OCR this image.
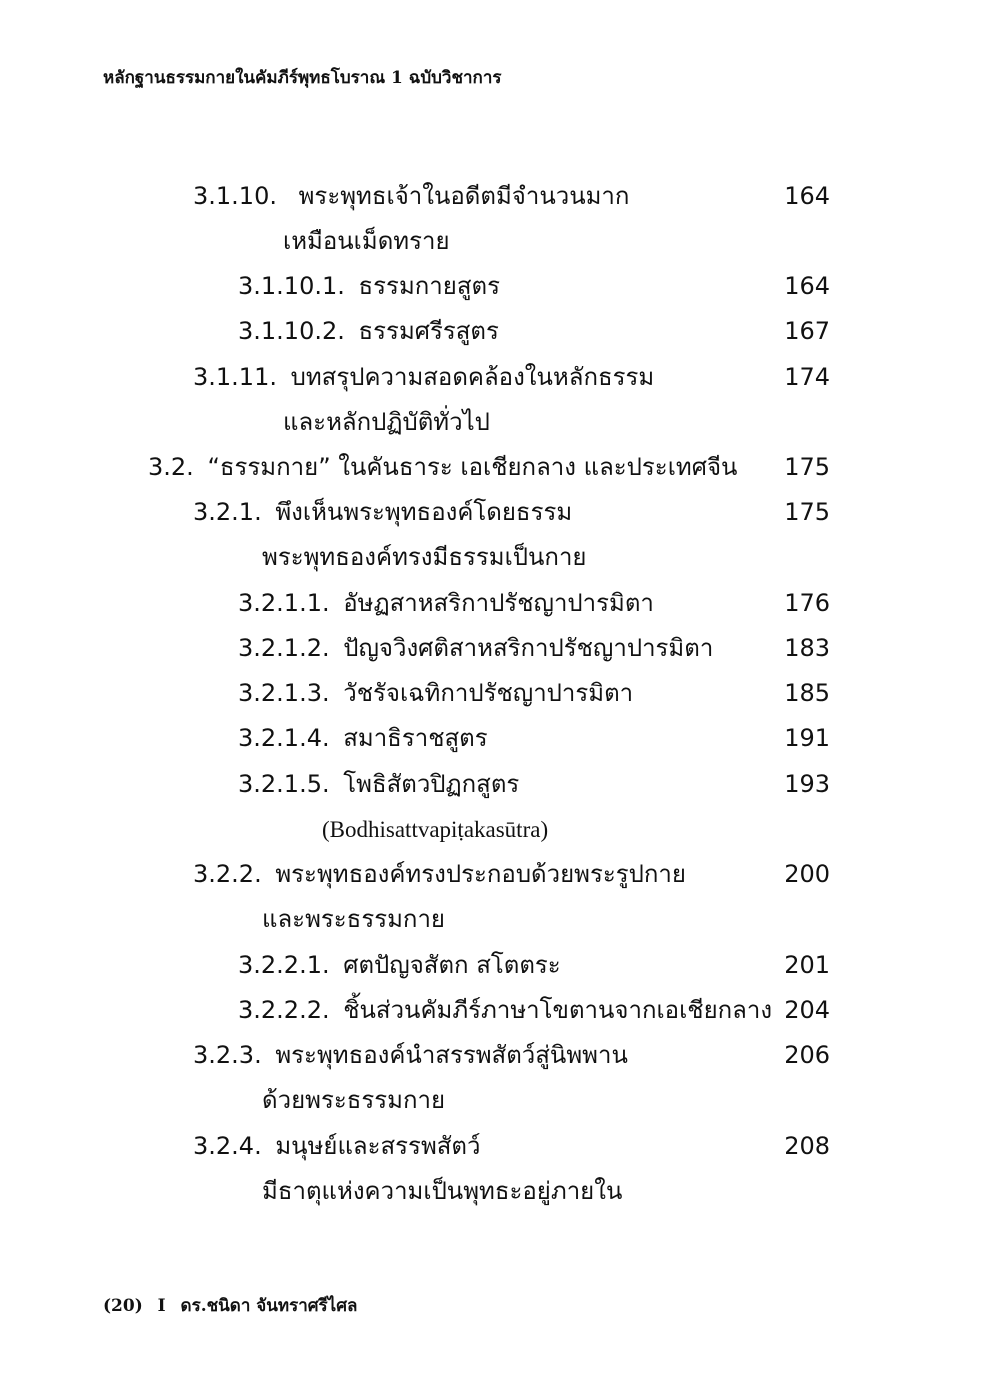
หลักฐานธรรมกายในคัมภีร์พุทธโบราณ 1 ฉบับวิชาการ
3.1.10. พระพุทธเจ้าในอดีตมีจำนวนมาก	164
เหมือนเม็ดทราย
3.1.10.1. ธรรมกายสูตร	164
3.1.10.2. ธรรมศรีรสูตร	167
3.1.11. บทสรุปความสอดคล้องในหลักธรรม	174
และหลักปฏิบัติทั่วไป
3.2. “ธรรมกาย” ในคันธาระ เอเชียกลาง และประเทศจีน 175
3.2.1. พึงเห็นพระพุทธองค์โดยธรรม	175
พระพุทธองค์ทรงมีธรรมเป็นกาย
3.2.1.1. อัษฏสาหสริกาปรัชญาปารมิตา	176
3.2.1.2. ปัญจวิงศติสาหสริกาปรัชญาปารมิตา	183
3.2.1.3. วัชรัจเฉทิกาปรัชญาปารมิตา	185
3.2.1.4. สมาธิราชสูตร	191
3.2.1.5. โพธิสัตวปิฏกสูตร	193
(Bodhisattvapiṭakasūtra)
3.2.2. พระพุทธองค์ทรงประกอบด้วยพระรูปกาย	200
และพระธรรมกาย
3.2.2.1. ศตปัญจสัตก สโตตระ	201
3.2.2.2. ชิ้นส่วนคัมภีร์ภาษาโขตานจากเอเชียกลาง 204
3.2.3. พระพุทธองค์นำสรรพสัตว์สู่นิพพาน	206
ด้วยพระธรรมกาย
3.2.4. มนุษย์และสรรพสัตว์	208
มีธาตุแห่งความเป็นพุทธะอยู่ภายใน
(20) I ดร.ชนิดา จันทราศรีไศล
